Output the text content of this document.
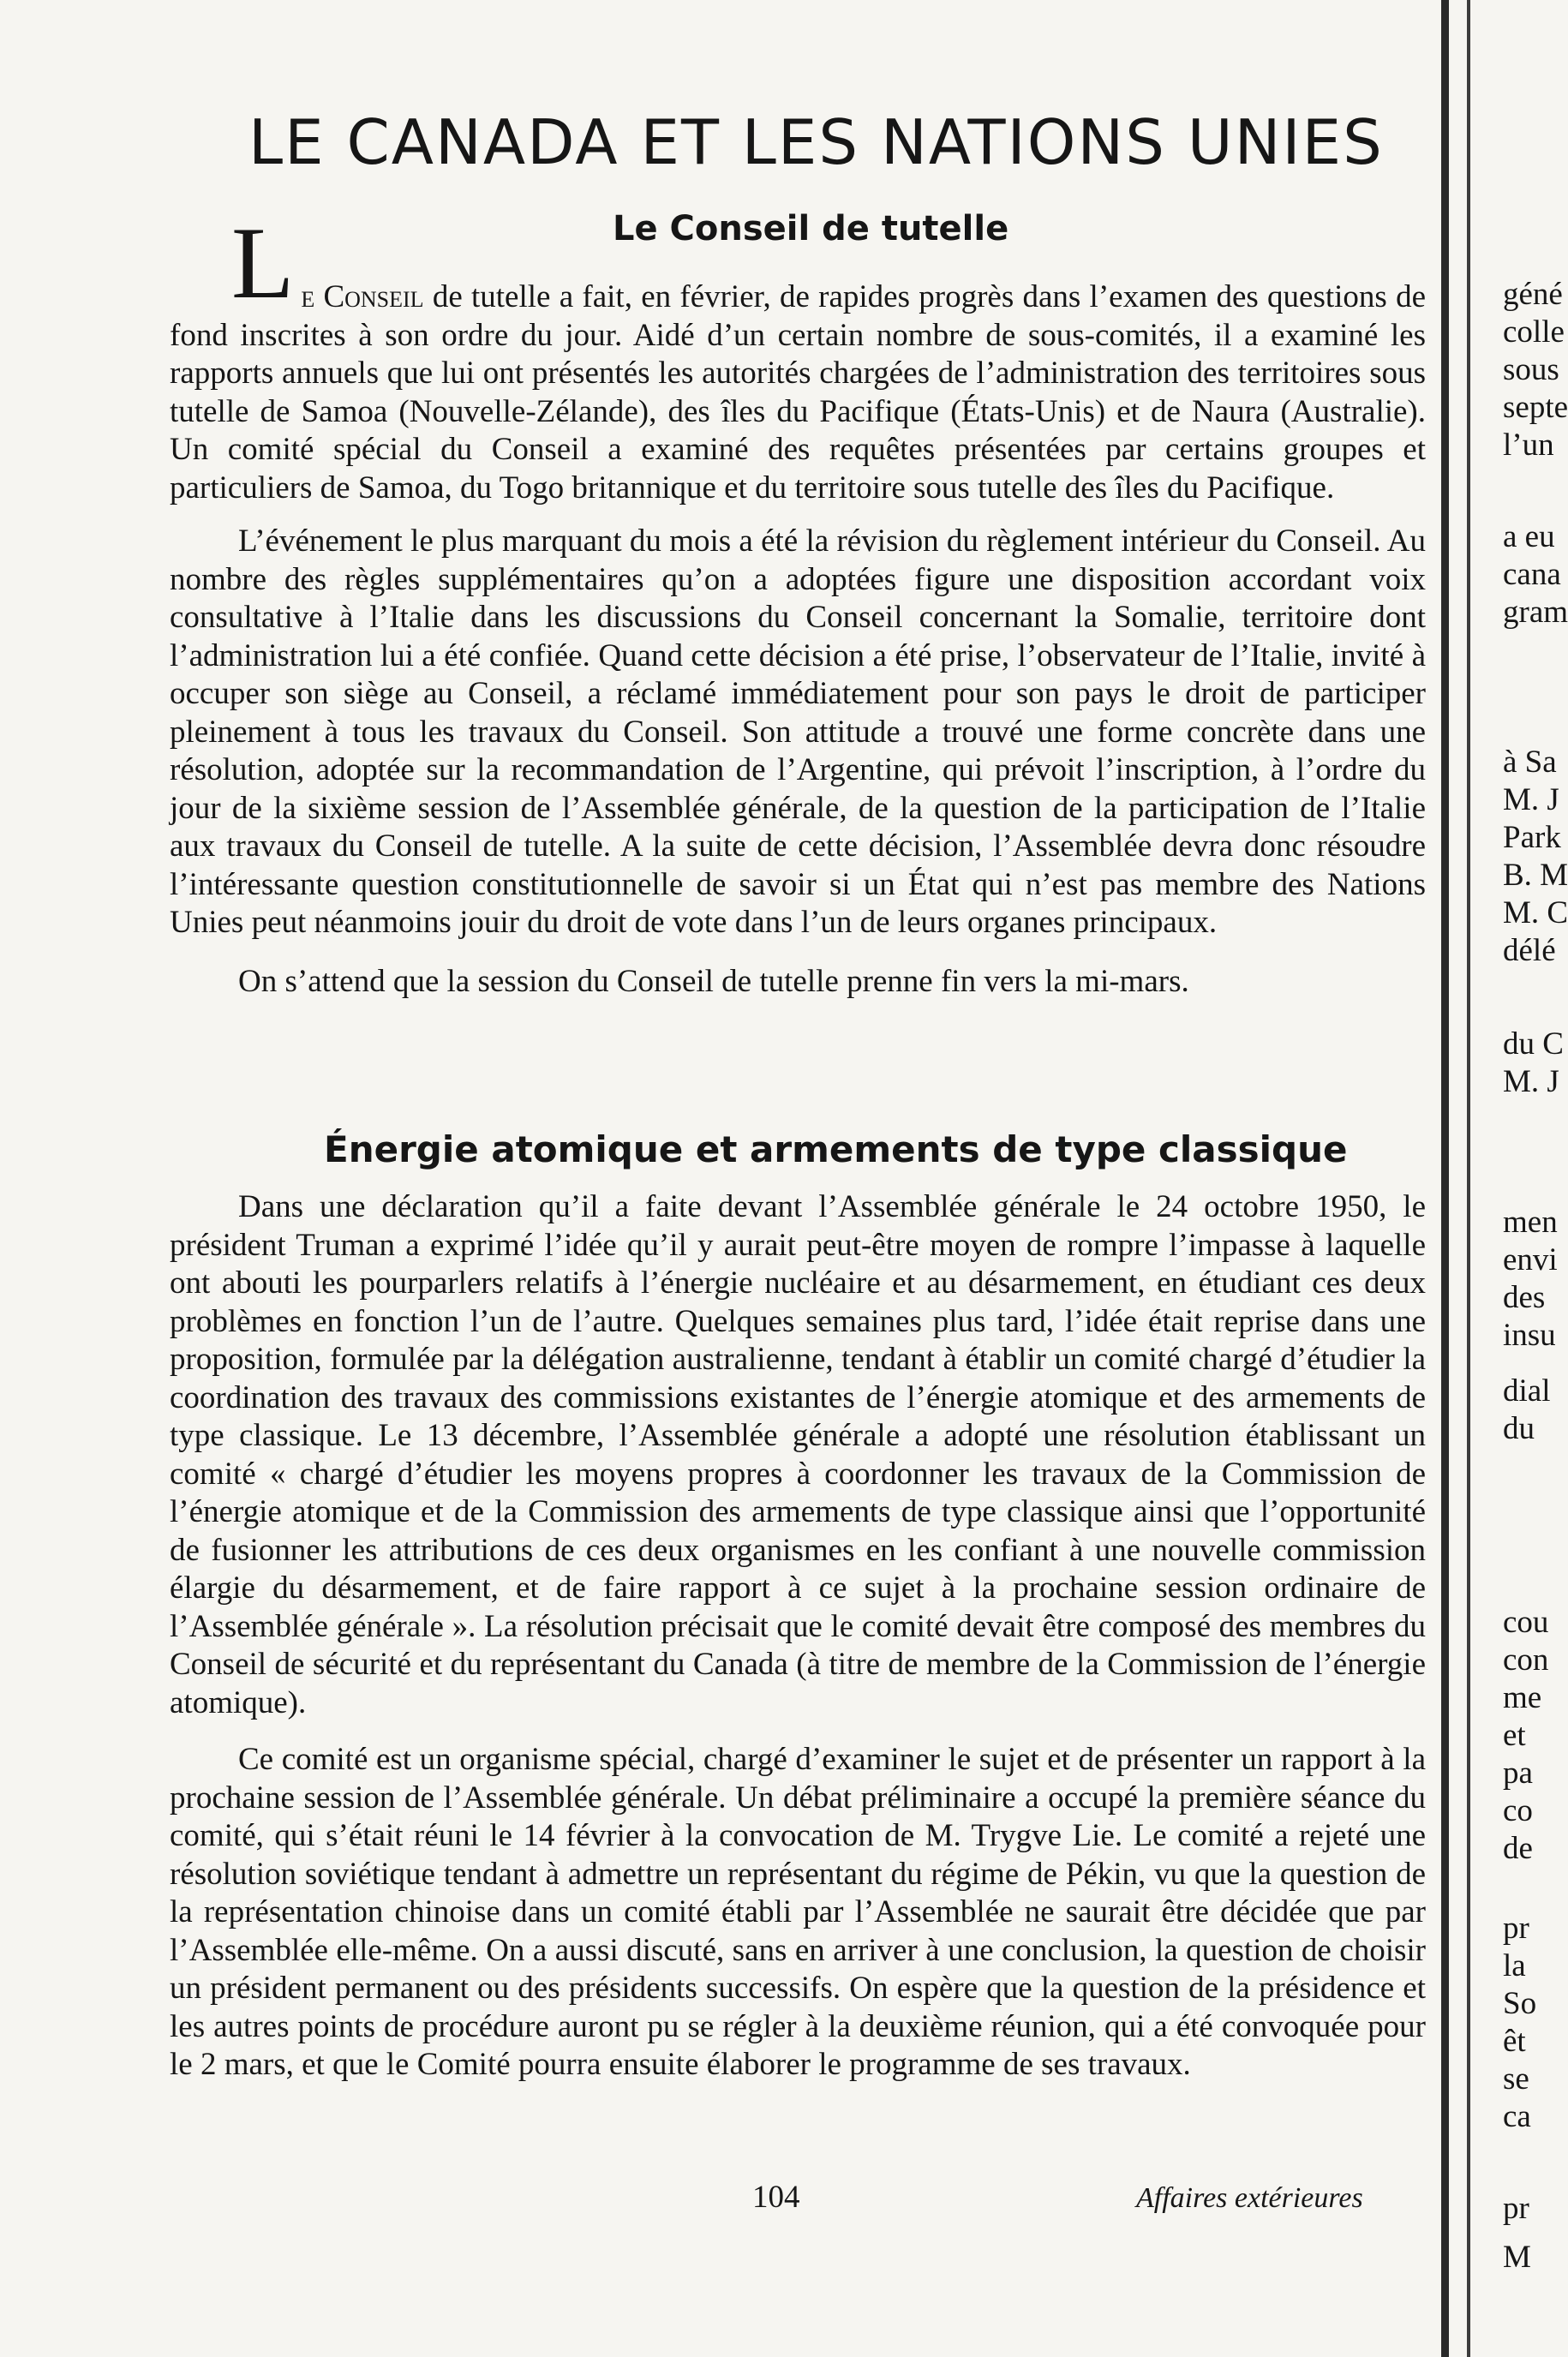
LE CANADA ET LES NATIONS UNIES
Le Conseil de tutelle

Le Conseil de tutelle a fait, en février, de rapides progrès dans l’examen des questions de fond inscrites à son ordre du jour. Aidé d’un certain nombre de sous-comités, il a examiné les rapports annuels que lui ont présentés les autorités chargées de l’administration des territoires sous tutelle de Samoa (Nouvelle-Zélande), des îles du Pacifique (États-Unis) et de Naura (Australie). Un comité spécial du Conseil a examiné des requêtes présentées par certains groupes et particuliers de Samoa, du Togo britannique et du territoire sous tutelle des îles du Pacifique.

L’événement le plus marquant du mois a été la révision du règlement intérieur du Conseil. Au nombre des règles supplémentaires qu’on a adoptées figure une disposition accordant voix consultative à l’Italie dans les discussions du Conseil concernant la Somalie, territoire dont l’administration lui a été confiée. Quand cette décision a été prise, l’observateur de l’Italie, invité à occuper son siège au Conseil, a réclamé immédiatement pour son pays le droit de participer pleinement à tous les travaux du Conseil. Son attitude a trouvé une forme concrète dans une résolution, adoptée sur la recommandation de l’Argentine, qui prévoit l’inscription, à l’ordre du jour de la sixième session de l’Assemblée générale, de la question de la participation de l’Italie aux travaux du Conseil de tutelle. A la suite de cette décision, l’Assemblée devra donc résoudre l’intéressante question constitutionnelle de savoir si un État qui n’est pas membre des Nations Unies peut néanmoins jouir du droit de vote dans l’un de leurs organes principaux.

On s’attend que la session du Conseil de tutelle prenne fin vers la mi-mars.

Énergie atomique et armements de type classique

Dans une déclaration qu’il a faite devant l’Assemblée générale le 24 octobre 1950, le président Truman a exprimé l’idée qu’il y aurait peut-être moyen de rompre l’impasse à laquelle ont abouti les pourparlers relatifs à l’énergie nucléaire et au désarmement, en étudiant ces deux problèmes en fonction l’un de l’autre. Quelques semaines plus tard, l’idée était reprise dans une proposition, formulée par la délégation australienne, tendant à établir un comité chargé d’étudier la coordination des travaux des commissions existantes de l’énergie atomique et des armements de type classique. Le 13 décembre, l’Assemblée générale a adopté une résolution établissant un comité « chargé d’étudier les moyens propres à coordonner les travaux de la Commission de l’énergie atomique et de la Commission des armements de type classique ainsi que l’opportunité de fusionner les attributions de ces deux organismes en les confiant à une nouvelle commission élargie du désarmement, et de faire rapport à ce sujet à la prochaine session ordinaire de l’Assemblée générale ». La résolution précisait que le comité devait être composé des membres du Conseil de sécurité et du représentant du Canada (à titre de membre de la Commission de l’énergie atomique).

Ce comité est un organisme spécial, chargé d’examiner le sujet et de présenter un rapport à la prochaine session de l’Assemblée générale. Un débat préliminaire a occupé la première séance du comité, qui s’était réuni le 14 février à la convocation de M. Trygve Lie. Le comité a rejeté une résolution soviétique tendant à admettre un représentant du régime de Pékin, vu que la question de la représentation chinoise dans un comité établi par l’Assemblée ne saurait être décidée que par l’Assemblée elle-même. On a aussi discuté, sans en arriver à une conclusion, la question de choisir un président permanent ou des présidents successifs. On espère que la question de la présidence et les autres points de procédure auront pu se régler à la deuxième réunion, qui a été convoquée pour le 2 mars, et que le Comité pourra ensuite élaborer le programme de ses travaux.

104	Affaires extérieures

géné

colle

sous

septe

l’un

a eu

cana

gram

à Sa

M. J

Park

B. M

M. C

délé

du C

M. J

men

envi

des

insu

dial

du

cou

con

me

et

pa

co

de

pr

la

So

êt

se

ca

pr

M
